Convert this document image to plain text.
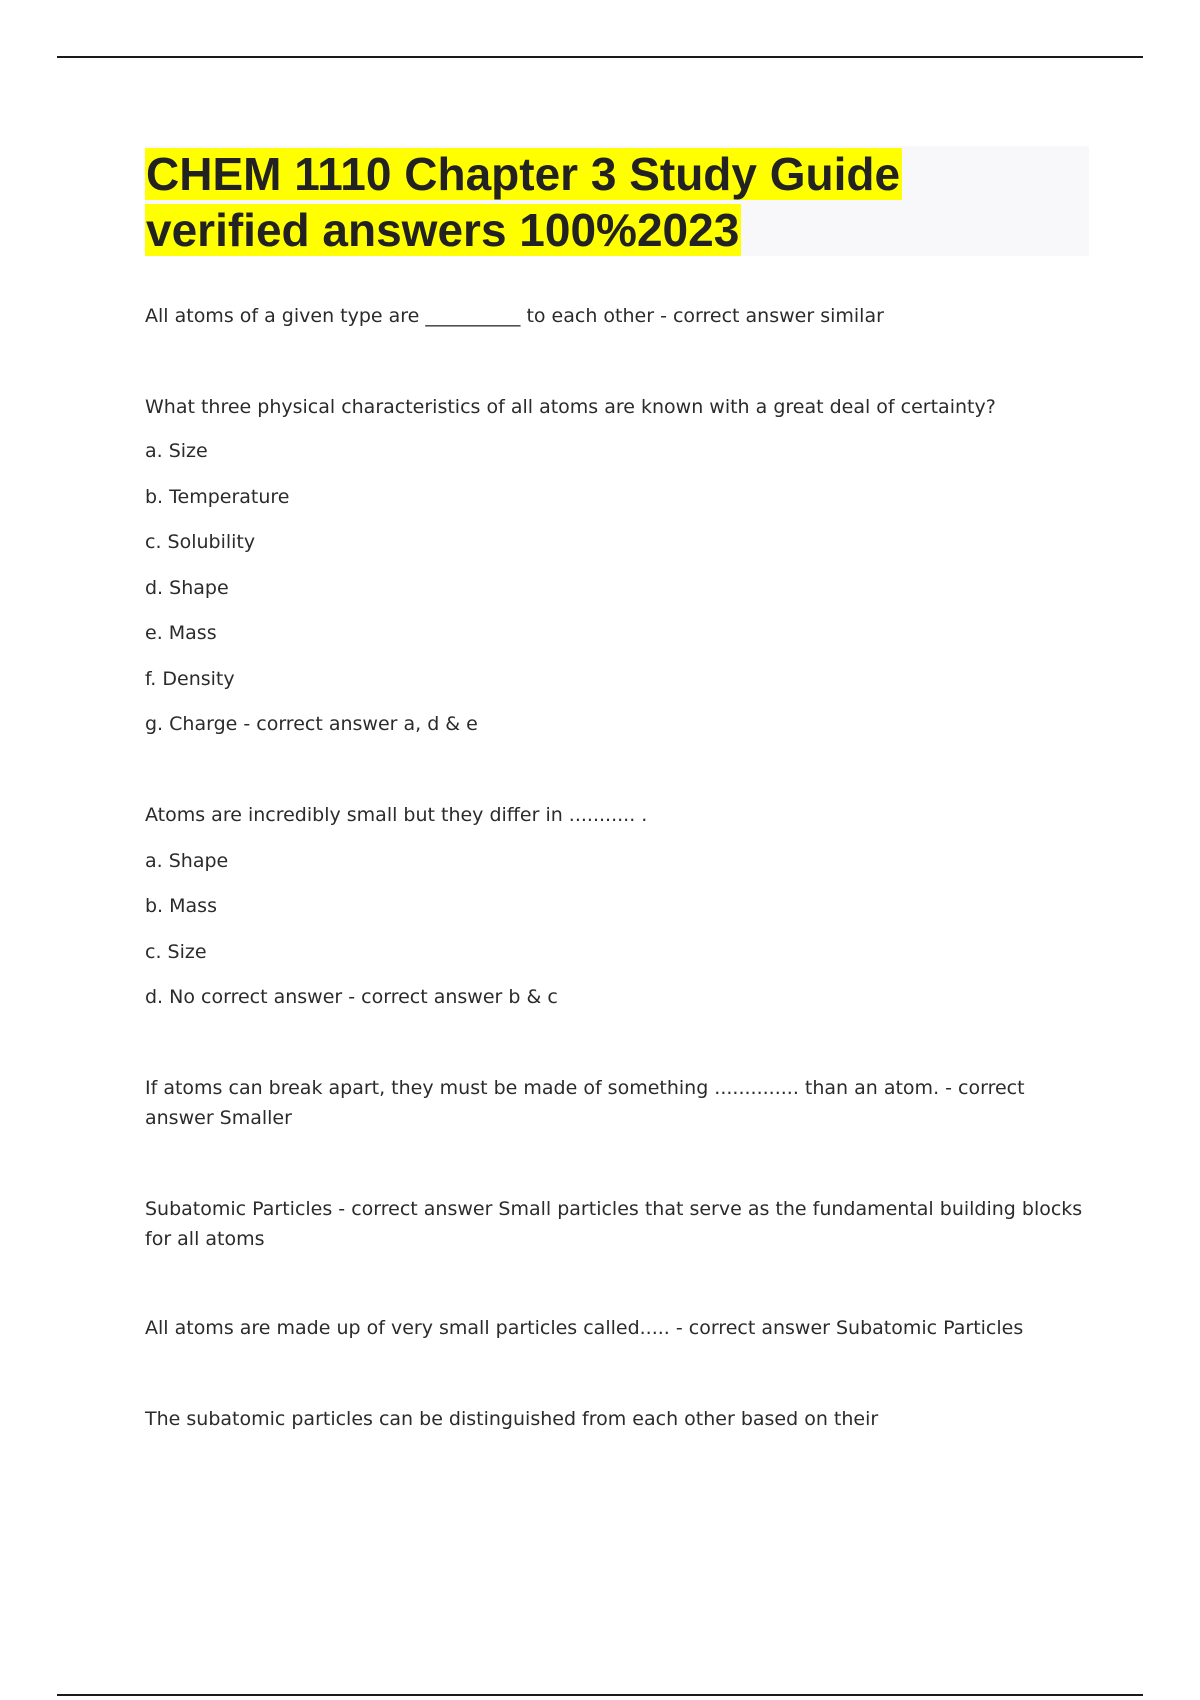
CHEM 1110 Chapter 3 Study Guide
verified answers 100%2023

All atoms of a given type are __________ to each other - correct answer similar

What three physical characteristics of all atoms are known with a great deal of certainty?

a. Size

b. Temperature

c. Solubility

d. Shape

e. Mass

f. Density

g. Charge - correct answer a, d & e

Atoms are incredibly small but they differ in ........... .

a. Shape

b. Mass

c. Size

d. No correct answer - correct answer b & c

If atoms can break apart, they must be made of something .............. than an atom. - correct answer Smaller

Subatomic Particles - correct answer Small particles that serve as the fundamental building blocks for all atoms

All atoms are made up of very small particles called..... - correct answer Subatomic Particles

The subatomic particles can be distinguished from each other based on their
